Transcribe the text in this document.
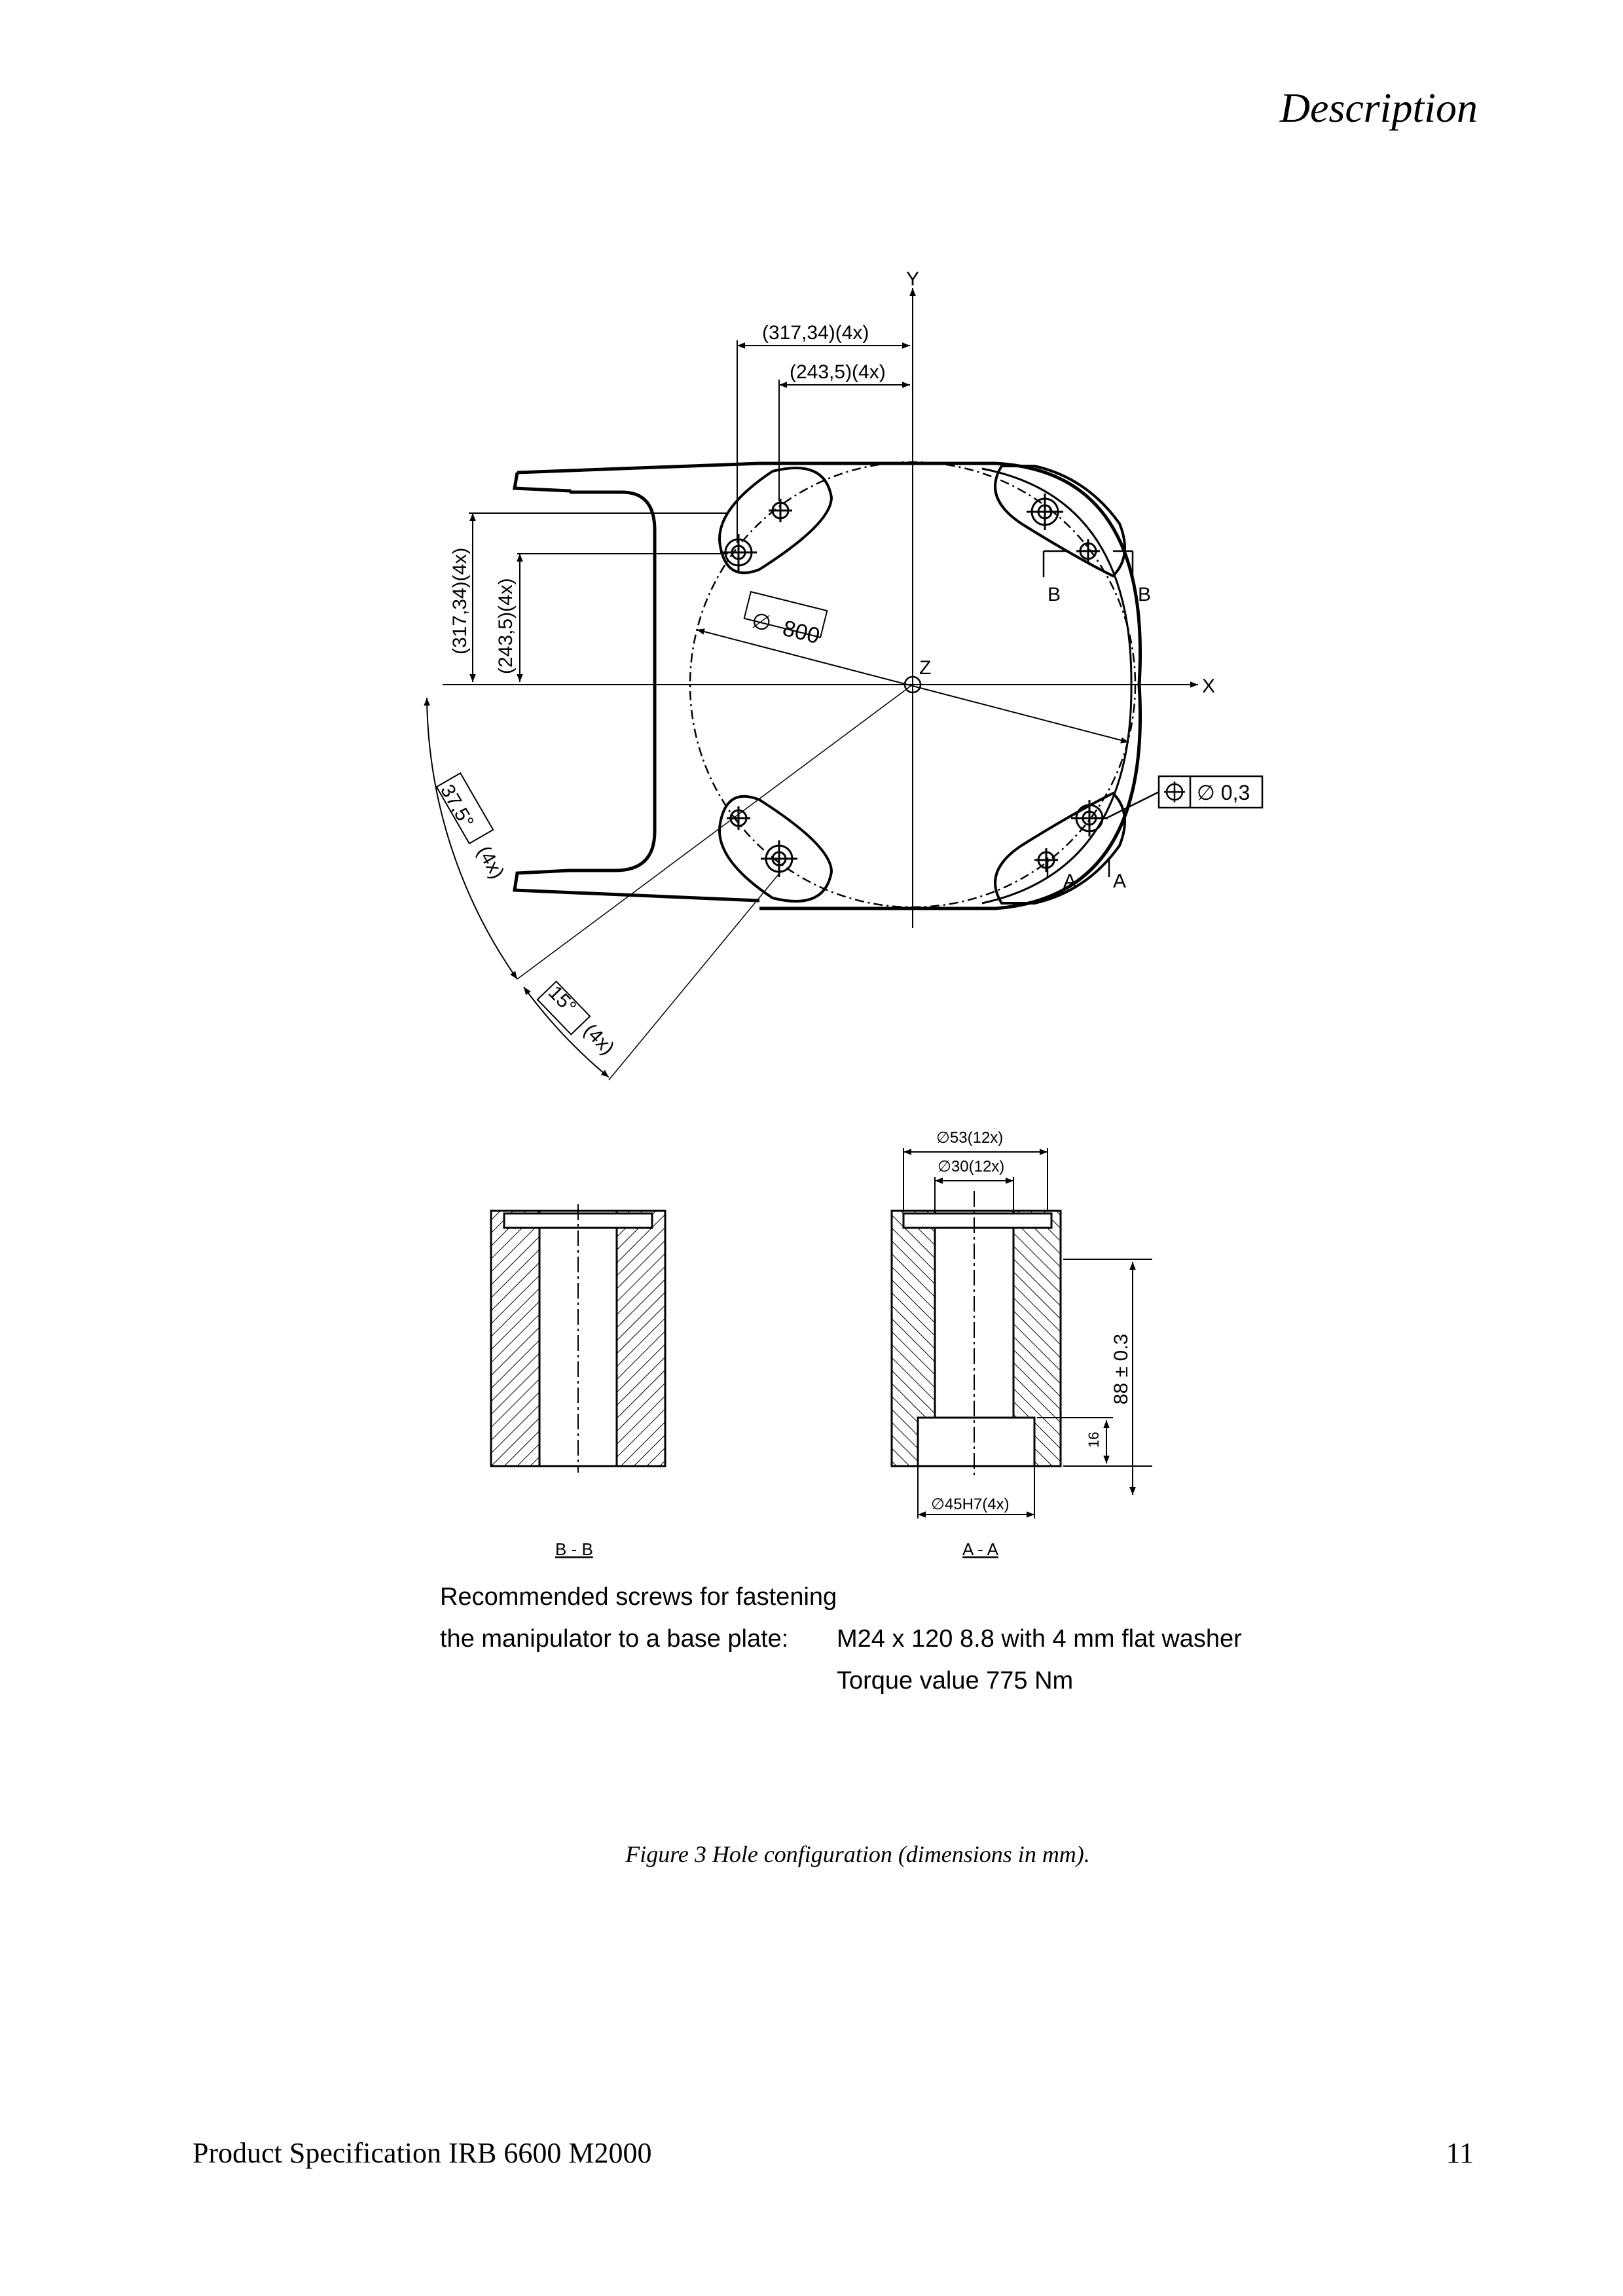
Description
Y
X
Z
(317,34)(4x)
(243,5)(4x)
(317,34)(4x) (243,5)(4x)	∅ 800
∅ 0,3
37,5°
(4x)
15°
(4x)
B	B
A A
B - B
∅53(12x)
∅30(12x)
88 ± 0.3
16
∅45H7(4x)
A - A
Recommended screws for fastening
the manipulator to a base plate: M24 x 120 8.8 with 4 mm flat washer
Torque value 775 Nm
Figure 3 Hole configuration (dimensions in mm).
Product Specification IRB 6600 M2000	11
